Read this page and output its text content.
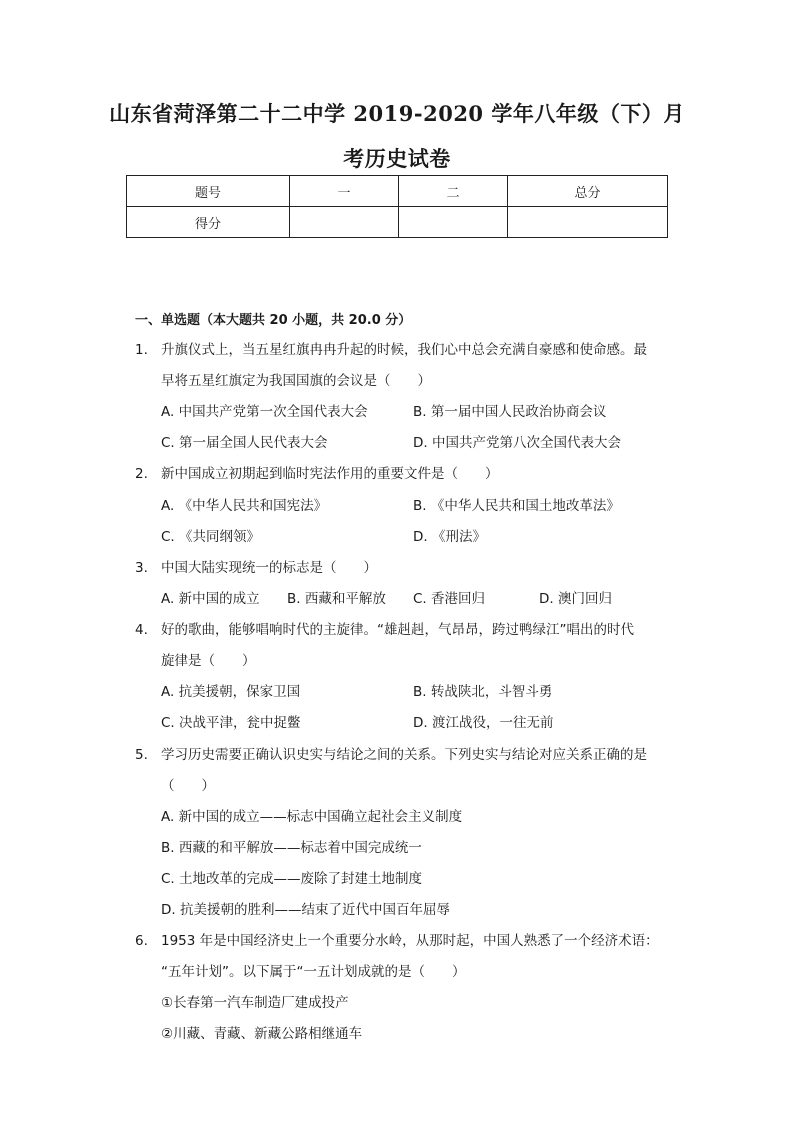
山东省菏泽第二十二中学 2019-2020 学年八年级（下）月
考历史试卷
题号	一	二	总分
得分			
一、单选题（本大题共 20 小题，共 20.0 分）
1. 升旗仪式上，当五星红旗冉冉升起的时候，我们心中总会充满自豪感和使命感。最
早将五星红旗定为我国国旗的会议是（　　）
A. 中国共产党第一次全国代表大会	B. 第一届中国人民政治协商会议
C. 第一届全国人民代表大会	D. 中国共产党第八次全国代表大会
2. 新中国成立初期起到临时宪法作用的重要文件是（　　）
A. 《中华人民共和国宪法》	B. 《中华人民共和国土地改革法》
C. 《共同纲领》	D. 《刑法》
3. 中国大陆实现统一的标志是（　　）
A. 新中国的成立 B. 西藏和平解放 C. 香港回归	D. 澳门回归
4. 好的歌曲，能够唱响时代的主旋律。“雄赳赳，气昂昂，跨过鸭绿江”唱出的时代
旋律是（　　）
A. 抗美援朝，保家卫国	B. 转战陕北，斗智斗勇
C. 决战平津，瓮中捉鳖	D. 渡江战役，一往无前
5. 学习历史需要正确认识史实与结论之间的关系。下列史实与结论对应关系正确的是
（　　）
A. 新中国的成立——标志中国确立起社会主义制度
B. 西藏的和平解放——标志着中国完成统一
C. 土地改革的完成——废除了封建土地制度
D. 抗美援朝的胜利——结束了近代中国百年屈辱
6. 1953 年是中国经济史上一个重要分水岭，从那时起，中国人熟悉了一个经济术语：
“五年计划”。以下属于“一五计划成就的是（　　）
①长春第一汽车制造厂建成投产
②川藏、青藏、新藏公路相继通车
